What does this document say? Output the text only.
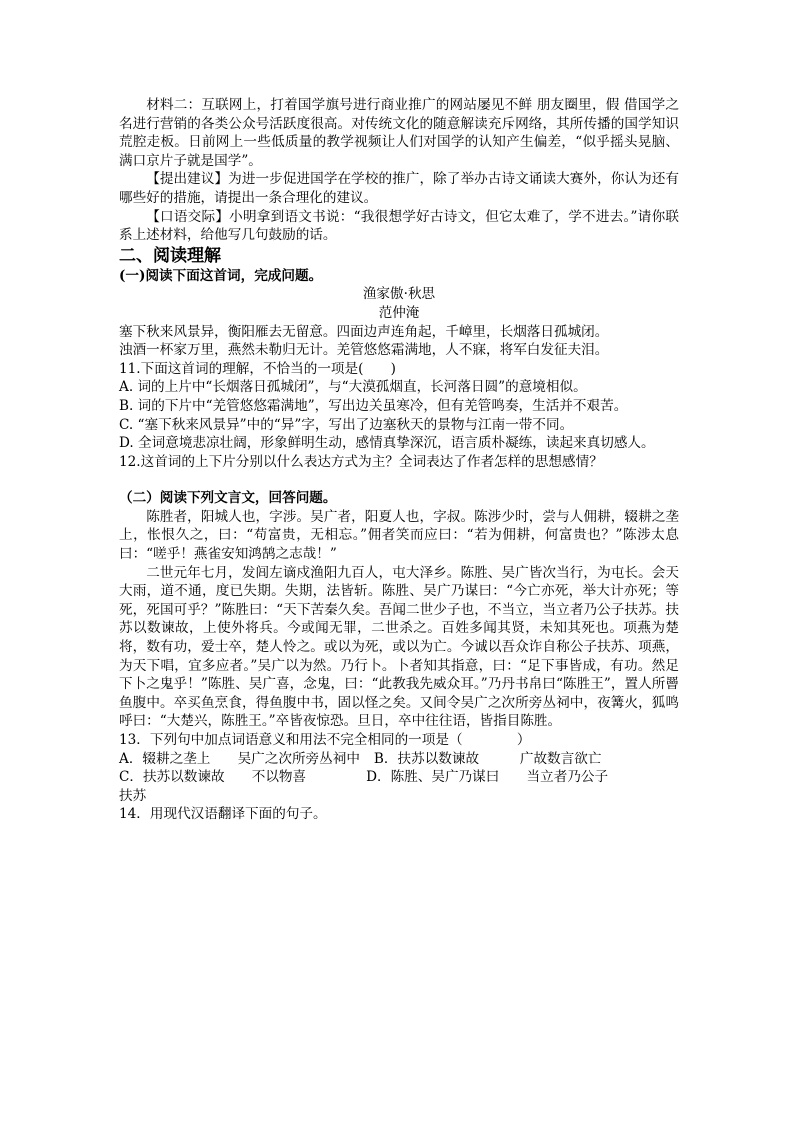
材料二：互联网上，打着国学旗号进行商业推广的网站屡见不鲜 朋友圈里，假 借国学之名进行营销的各类公众号活跃度很高。对传统文化的随意解读充斥网络，其所传播的国学知识荒腔走板。日前网上一些低质量的教学视频让人们对国学的认知产生偏差，“似乎摇头晃脑、满口京片子就是国学”。

【提出建议】为进一步促进国学在学校的推广，除了举办古诗文诵读大赛外，你认为还有哪些好的措施，请提出一条合理化的建议。

【口语交际】小明拿到语文书说：“我很想学好古诗文，但它太难了，学不进去。”请你联系上述材料，给他写几句鼓励的话。

二、阅读理解

(一)阅读下面这首词，完成问题。

渔家傲·秋思

范仲淹

塞下秋来风景异，衡阳雁去无留意。四面边声连角起，千嶂里，长烟落日孤城闭。

浊酒一杯家万里，燕然未勒归无计。羌管悠悠霜满地，人不寐，将军白发征夫泪。

11.下面这首词的理解，不恰当的一项是(　　)

A. 词的上片中“长烟落日孤城闭”，与“大漠孤烟直，长河落日圆”的意境相似。

B. 词的下片中“羌管悠悠霜满地”，写出边关虽寒冷，但有羌管鸣奏，生活并不艰苦。

C. “塞下秋来风景异”中的“异”字，写出了边塞秋天的景物与江南一带不同。

D. 全词意境悲凉壮阔，形象鲜明生动，感情真挚深沉，语言质朴凝练，读起来真切感人。

12.这首词的上下片分别以什么表达方式为主？全词表达了作者怎样的思想感情？

（二）阅读下列文言文，回答问题。

陈胜者，阳城人也，字涉。吴广者，阳夏人也，字叔。陈涉少时，尝与人佣耕，辍耕之垄上，怅恨久之，曰：“苟富贵，无相忘。”佣者笑而应曰：“若为佣耕，何富贵也？”陈涉太息曰：“嗟乎！燕雀安知鸿鹄之志哉！”

二世元年七月，发闾左谪戍渔阳九百人，屯大泽乡。陈胜、吴广皆次当行，为屯长。会天大雨，道不通，度已失期。失期，法皆斩。陈胜、吴广乃谋曰：“今亡亦死，举大计亦死；等死，死国可乎？”陈胜曰：“天下苦秦久矣。吾闻二世少子也，不当立，当立者乃公子扶苏。扶苏以数谏故，上使外将兵。今或闻无罪，二世杀之。百姓多闻其贤，未知其死也。项燕为楚将，数有功，爱士卒，楚人怜之。或以为死，或以为亡。今诚以吾众诈自称公子扶苏、项燕，为天下唱，宜多应者。”吴广以为然。乃行卜。卜者知其指意，曰：“足下事皆成，有功。然足下卜之鬼乎！”陈胜、吴广喜，念鬼，曰：“此教我先威众耳。”乃丹书帛曰“陈胜王”，置人所罾鱼腹中。卒买鱼烹食，得鱼腹中书，固以怪之矣。又间令吴广之次所旁丛祠中，夜篝火，狐鸣呼曰：“大楚兴，陈胜王。”卒皆夜惊恐。旦日，卒中往往语，皆指目陈胜。

13．下列句中加点词语意义和用法不完全相同的一项是（　　　　）

A．辍耕之垄上　　吴广之次所旁丛祠中 B．扶苏以数谏故　　　广故数言欲亡
C．扶苏以数谏故　　不以物喜	D．陈胜、吴广乃谋曰　　当立者乃公子

扶苏

14．用现代汉语翻译下面的句子。
